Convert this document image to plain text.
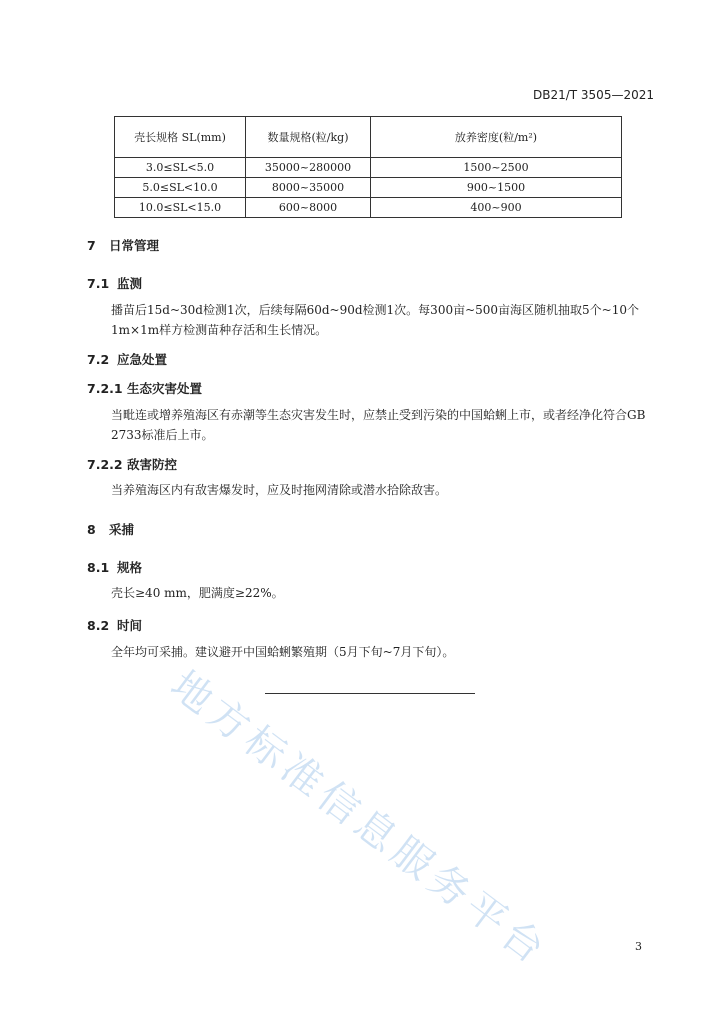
DB21/T 3505—2021
壳长规格 SL(mm)	数量规格(粒/kg)	放养密度(粒/m²)
3.0≤SL<5.0	35000~280000	1500~2500
5.0≤SL<10.0	8000~35000	900~1500
10.0≤SL<15.0	600~8000	400~900
7 日常管理
7.1 监测
播苗后15d~30d检测1次，后续每隔60d~90d检测1次。每300亩~500亩海区随机抽取5个~10个1m×1m样方检测苗种存活和生长情况。
7.2 应急处置
7.2.1 生态灾害处置
当毗连或增养殖海区有赤潮等生态灾害发生时，应禁止受到污染的中国蛤蜊上市，或者经净化符合GB 2733标准后上市。
7.2.2 敌害防控
当养殖海区内有敌害爆发时，应及时拖网清除或潜水拾除敌害。
8 采捕
8.1 规格
壳长≥40 mm，肥满度≥22%。
8.2 时间
全年均可采捕。建议避开中国蛤蜊繁殖期（5月下旬~7月下旬）。
地方标准信息服务平台	3
